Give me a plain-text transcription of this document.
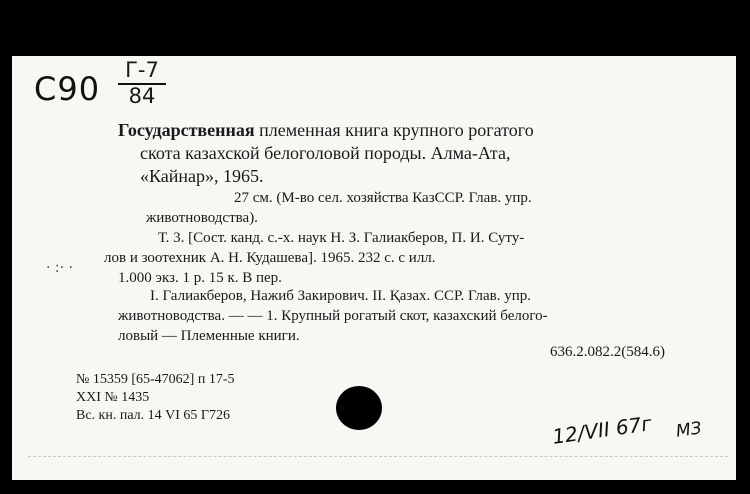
С90	Г-7
84
Государственная племенная книга крупного рогатого
скота казахской белоголовой породы. Алма-Ата,
«Кайнар», 1965.
27 см. (М-во сел. хозяйства КазССР. Глав. упр.
животноводства).
Т. 3. [Сост. канд. с.-х. наук Н. З. Галиакберов, П. И. Суту-
лов и зоотехник А. Н. Кудашева]. 1965. 232 с. с илл.
1.000 экз. 1 р. 15 к. В пер.
· :· ·
I. Галиакберов, Нажиб Закирович. II. Қазах. ССР. Глав. упр.
животноводства. — — 1. Крупный рогатый скот, казахский белого-
ловый — Племенные книги.
636.2.082.2(584.6)
№ 15359 [65-47062] п 17-5
XXI № 1435
Вс. кн. пал. 14 VI 65 Г726	12/VII 67г МЗ
